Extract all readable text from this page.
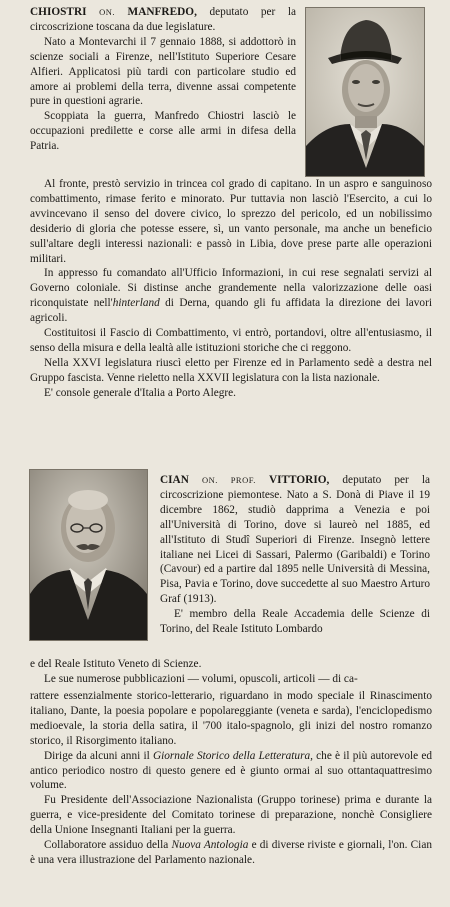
CHIOSTRI ON. MANFREDO, deputato per la circoscrizione toscana da due legislature.

Nato a Montevarchi il 7 gennaio 1888, si addottorò in scienze sociali a Firenze, nell'Istituto Superiore Cesare Alfieri. Applicatosi più tardi con particolare studio ed amore ai problemi della terra, divenne assai competente pure in questioni agrarie.

Scoppiata la guerra, Manfredo Chiostri lasciò le occupazioni predilette e corse alle armi in difesa della Patria.

Al fronte, prestò servizio in trincea col grado di capitano. In un aspro e sanguinoso combattimento, rimase ferito e minorato. Pur tuttavia non lasciò l'Esercito, a cui lo avvincevano il senso del dovere civico, lo sprezzo del pericolo, ed un nobilissimo desiderio di gloria che potesse essere, sì, un vanto personale, ma anche un beneficio sull'altare degli interessi nazionali: e passò in Libia, dove prese parte alle operazioni militari.

In appresso fu comandato all'Ufficio Informazioni, in cui rese segnalati servizi al Governo coloniale. Si distinse anche grandemente nella valorizzazione delle oasi riconquistate nell'hinterland di Derna, quando gli fu affidata la direzione dei lavori agricoli.

Costituitosi il Fascio di Combattimento, vi entrò, portandovi, oltre all'entusiasmo, il senso della misura e della lealtà alle istituzioni storiche che ci reggono.

Nella XXVI legislatura riuscì eletto per Firenze ed in Parlamento sedè a destra nel Gruppo fascista. Venne rieletto nella XXVII legislatura con la lista nazionale.

E' console generale d'Italia a Porto Alegre.

CIAN ON. PROF. VITTORIO, deputato per la circoscrizione piemontese. Nato a S. Donà di Piave il 19 dicembre 1862, studiò dapprima a Venezia e poi all'Università di Torino, dove si laureò nel 1885, ed all'Istituto di Studî Superiori di Firenze. Insegnò lettere italiane nei Licei di Sassari, Palermo (Garibaldi) e Torino (Cavour) ed a partire dal 1895 nelle Università di Messina, Pisa, Pavia e Torino, dove succedette al suo Maestro Arturo Graf (1913).

E' membro della Reale Accademia delle Scienze di Torino, del Reale Istituto Lombardo

e del Reale Istituto Veneto di Scienze.

Le sue numerose pubblicazioni — volumi, opuscoli, articoli — di ca-

rattere essenzialmente storico-letterario, riguardano in modo speciale il Rinascimento italiano, Dante, la poesia popolare e popolareggiante (veneta e sarda), l'enciclopedismo medioevale, la storia della satira, il '700 italo-spagnolo, gli inizi del nostro romanzo storico, il Risorgimento italiano.

Dirige da alcuni anni il Giornale Storico della Letteratura, che è il più autorevole ed antico periodico nostro di questo genere ed è giunto ormai al suo ottantaquattresimo volume.

Fu Presidente dell'Associazione Nazionalista (Gruppo torinese) prima e durante la guerra, e vice-presidente del Comitato torinese di preparazione, nonchè Consigliere della Unione Insegnanti Italiani per la guerra.

Collaboratore assiduo della Nuova Antologia e di diverse riviste e giornali, l'on. Cian è una vera illustrazione del Parlamento nazionale.
